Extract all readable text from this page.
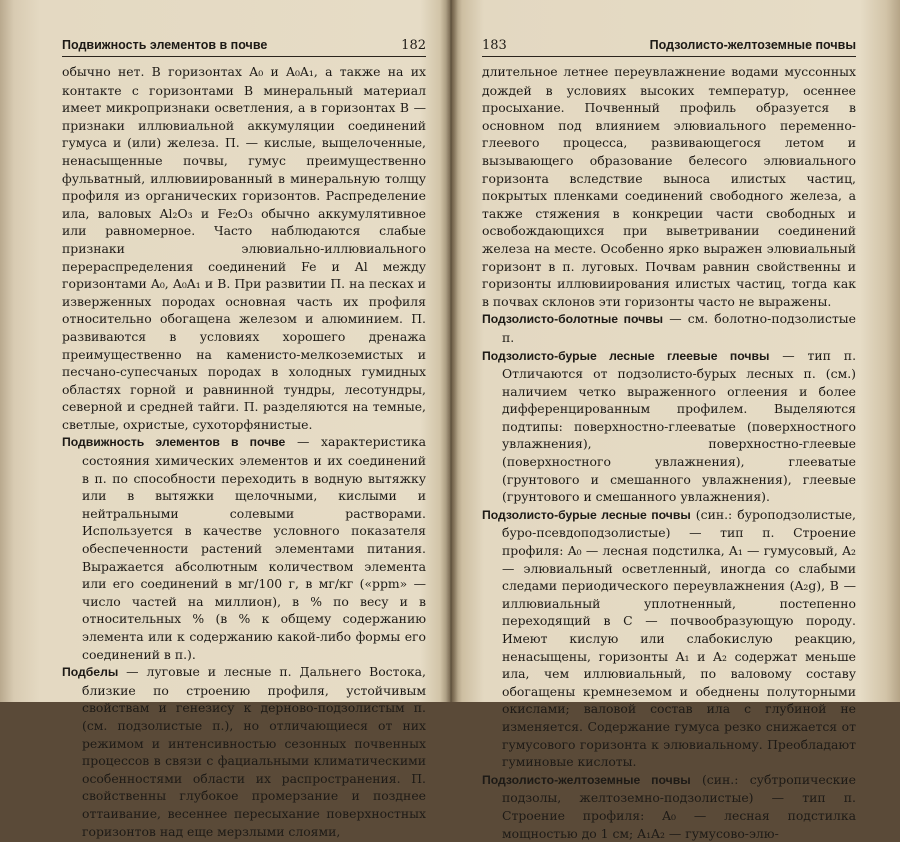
Подвижность элементов в почве	182

обычно нет. В горизонтах A₀ и A₀A₁, а также на их контакте с горизонтами B минеральный материал имеет микропризнаки осветления, а в горизонтах B — признаки иллювиальной аккумуляции соединений гумуса и (или) железа. П. — кислые, выщелоченные, ненасыщенные почвы, гумус преимущественно фульватный, иллювиированный в минеральную толщу профиля из органических горизонтов. Распределение ила, валовых Al₂O₃ и Fe₂O₃ обычно аккумулятивное или равномерное. Часто наблюдаются слабые признаки элювиально-иллювиального перераспределения соединений Fe и Al между горизонтами A₀, A₀A₁ и B. При развитии П. на песках и изверженных породах основная часть их профиля относительно обогащена железом и алюминием. П. развиваются в условиях хорошего дренажа преимущественно на каменисто-мелкоземистых и песчано-супесчаных породах в холодных гумидных областях горной и равнинной тундры, лесотундры, северной и средней тайги. П. разделяются на темные, светлые, охристые, сухоторфянистые.

Подвижность элементов в почве — характеристика состояния химических элементов и их соединений в п. по способности переходить в водную вытяжку или в вытяжки щелочными, кислыми и нейтральными солевыми растворами. Используется в качестве условного показателя обеспеченности растений элементами питания. Выражается абсолютным количеством элемента или его соединений в мг/100 г, в мг/кг («ppm» — число частей на миллион), в % по весу и в относительных % (в % к общему содержанию элемента или к содержанию какой-либо формы его соединений в п.).

Подбелы — луговые и лесные п. Дальнего Востока, близкие по строению профиля, устойчивым свойствам и генезису к дерново-подзолистым п. (см. подзолистые п.), но отличающиеся от них режимом и интенсивностью сезонных почвенных процессов в связи с фациальными климатическими особенностями области их распространения. П. свойственны глубокое промерзание и позднее оттаивание, весеннее пересыхание поверхностных горизонтов над еще мерзлыми слоями,

183	Подзолисто-желтоземные почвы

длительное летнее переувлажнение водами муссонных дождей в условиях высоких температур, осеннее просыхание. Почвенный профиль образуется в основном под влиянием элювиального переменно-глеевого процесса, развивающегося летом и вызывающего образование белесого элювиального горизонта вследствие выноса илистых частиц, покрытых пленками соединений свободного железа, а также стяжения в конкреции части свободных и освобождающихся при выветривании соединений железа на месте. Особенно ярко выражен элювиальный горизонт в п. луговых. Почвам равнин свойственны и горизонты иллювиирования илистых частиц, тогда как в почвах склонов эти горизонты часто не выражены.

Подзолисто-болотные почвы — см. болотно-подзолистые п.

Подзолисто-бурые лесные глеевые почвы — тип п. Отличаются от подзолисто-бурых лесных п. (см.) наличием четко выраженного оглеения и более дифференцированным профилем. Выделяются подтипы: поверхностно-глееватые (поверхностного увлажнения), поверхностно-глеевые (поверхностного увлажнения), глееватые (грунтового и смешанного увлажнения), глеевые (грунтового и смешанного увлажнения).

Подзолисто-бурые лесные почвы (син.: буроподзолистые, буро-псевдоподзолистые) — тип п. Строение профиля: A₀ — лесная подстилка, A₁ — гумусовый, A₂ — элювиальный осветленный, иногда со слабыми следами периодического переувлажнения (A₂g), B — иллювиальный уплотненный, постепенно переходящий в C — почвообразующую породу. Имеют кислую или слабокислую реакцию, ненасыщены, горизонты A₁ и A₂ содержат меньше ила, чем иллювиальный, по валовому составу обогащены кремнеземом и обеднены полуторными окислами; валовой состав ила с глубиной не изменяется. Содержание гумуса резко снижается от гумусового горизонта к элювиальному. Преобладают гуминовые кислоты.

Подзолисто-желтоземные почвы (син.: субтропические подзолы, желтоземно-подзолистые) — тип п. Строение профиля: A₀ — лесная подстилка мощностью до 1 см; A₁A₂ — гумусово-элю-
